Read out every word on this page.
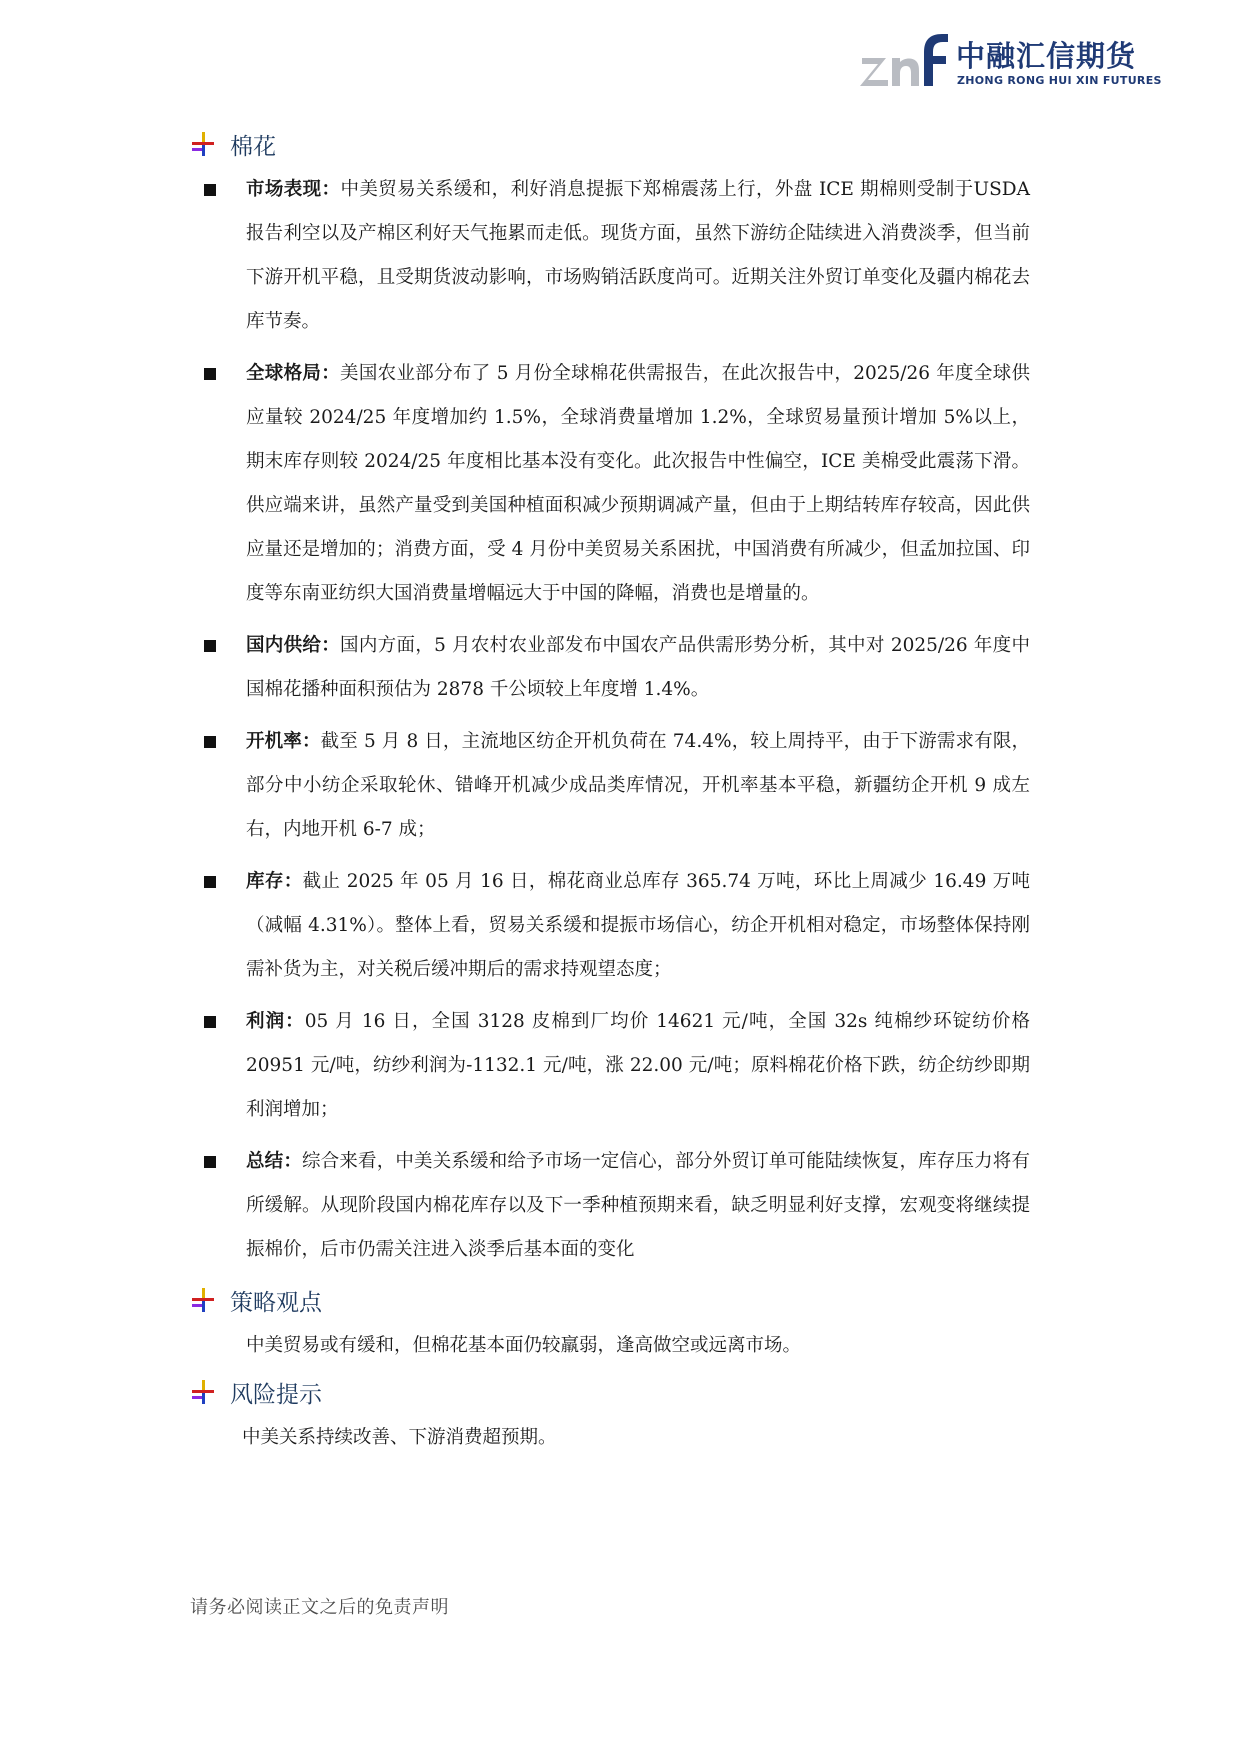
中融汇信期货
ZHONG RONG HUI XIN FUTURES
棉花

市场表现：中美贸易关系缓和，利好消息提振下郑棉震荡上行，外盘 ICE 期棉则受制于USDA报告利空以及产棉区利好天气拖累而走低。现货方面，虽然下游纺企陆续进入消费淡季，但当前下游开机平稳，且受期货波动影响，市场购销活跃度尚可。近期关注外贸订单变化及疆内棉花去库节奏。

全球格局：美国农业部分布了 5 月份全球棉花供需报告，在此次报告中，2025/26 年度全球供应量较 2024/25 年度增加约 1.5%，全球消费量增加 1.2%，全球贸易量预计增加 5%以上，期末库存则较 2024/25 年度相比基本没有变化。此次报告中性偏空，ICE 美棉受此震荡下滑。供应端来讲，虽然产量受到美国种植面积减少预期调减产量，但由于上期结转库存较高，因此供应量还是增加的；消费方面，受 4 月份中美贸易关系困扰，中国消费有所减少，但孟加拉国、印度等东南亚纺织大国消费量增幅远大于中国的降幅，消费也是增量的。

国内供给：国内方面，5 月农村农业部发布中国农产品供需形势分析，其中对 2025/26 年度中国棉花播种面积预估为 2878 千公顷较上年度增 1.4%。

开机率：截至 5 月 8 日，主流地区纺企开机负荷在 74.4%，较上周持平，由于下游需求有限，部分中小纺企采取轮休、错峰开机减少成品类库情况，开机率基本平稳，新疆纺企开机 9 成左右，内地开机 6-7 成；

库存：截止 2025 年 05 月 16 日，棉花商业总库存 365.74 万吨，环比上周减少 16.49 万吨（减幅 4.31%）。整体上看，贸易关系缓和提振市场信心，纺企开机相对稳定，市场整体保持刚需补货为主，对关税后缓冲期后的需求持观望态度；

利润：05 月 16 日，全国 3128 皮棉到厂均价 14621 元/吨，全国 32s 纯棉纱环锭纺价格 20951 元/吨，纺纱利润为-1132.1 元/吨，涨 22.00 元/吨；原料棉花价格下跌，纺企纺纱即期利润增加；

总结：综合来看，中美关系缓和给予市场一定信心，部分外贸订单可能陆续恢复，库存压力将有所缓解。从现阶段国内棉花库存以及下一季种植预期来看，缺乏明显利好支撑，宏观变将继续提振棉价，后市仍需关注进入淡季后基本面的变化

策略观点

中美贸易或有缓和，但棉花基本面仍较羸弱，逢高做空或远离市场。

风险提示

中美关系持续改善、下游消费超预期。

请务必阅读正文之后的免责声明
